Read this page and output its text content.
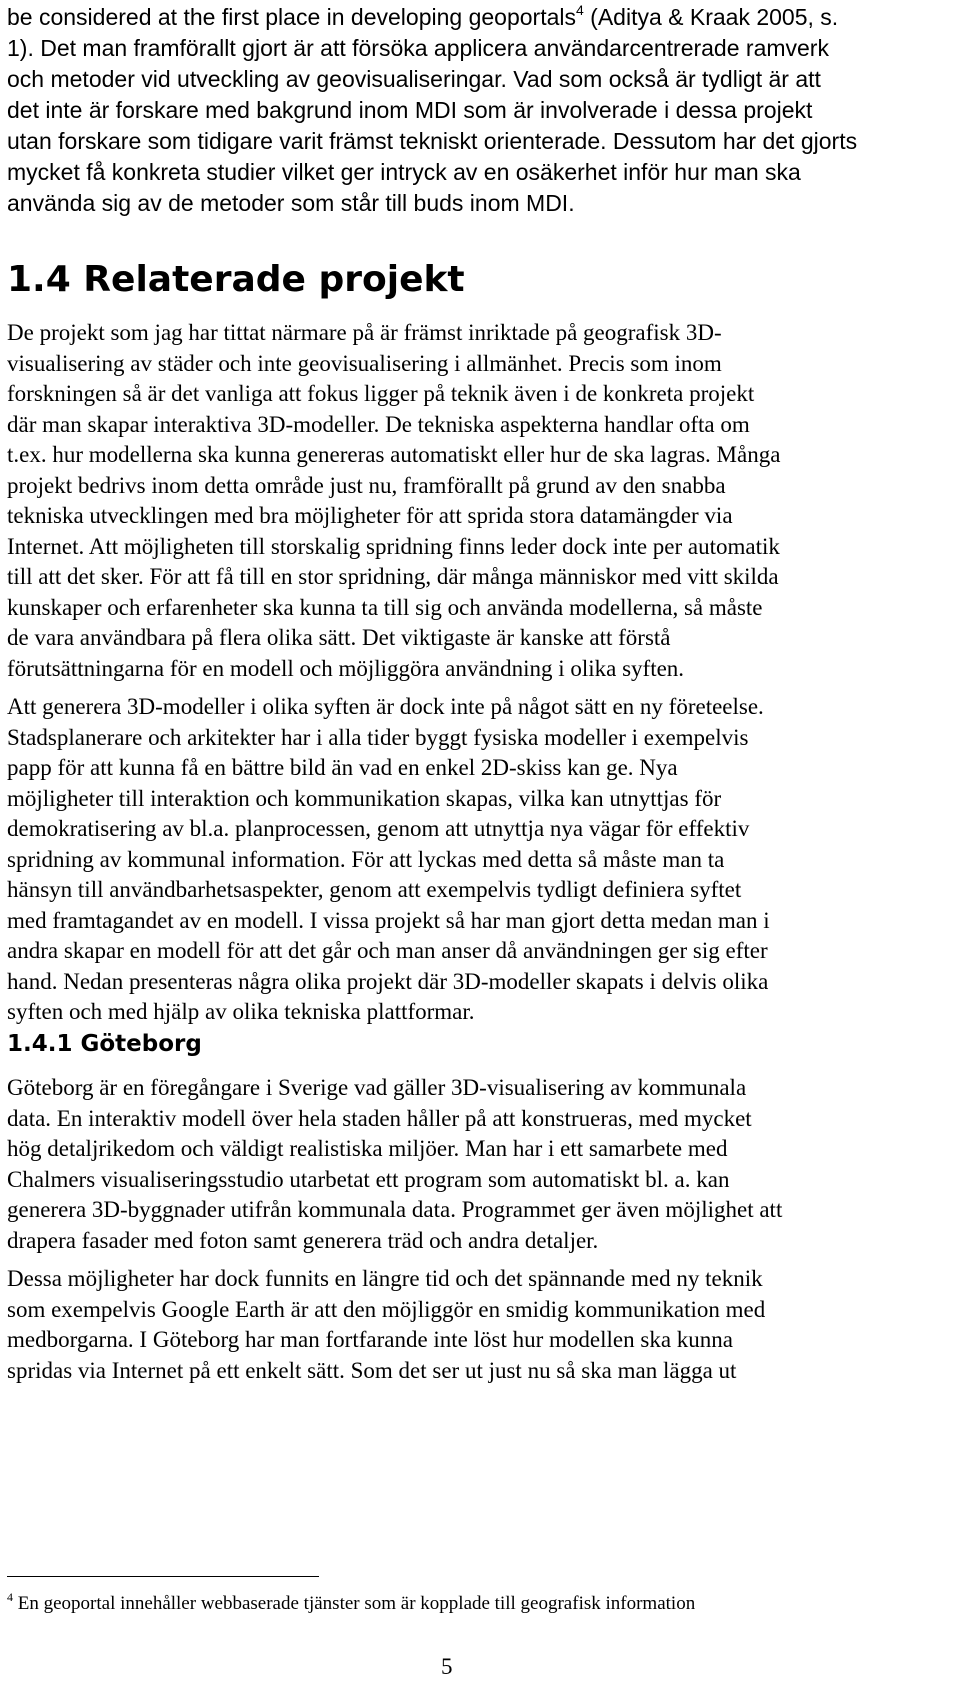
be considered at the first place in developing geoportals$^4$ (Aditya & Kraak 2005, s.
1). Det man framförallt gjort är att försöka applicera användarcentrerade ramverk
och metoder vid utveckling av geovisualiseringar. Vad som också är tydligt är att
det inte är forskare med bakgrund inom MDI som är involverade i dessa projekt
utan forskare som tidigare varit främst tekniskt orienterade. Dessutom har det gjorts
mycket få konkreta studier vilket ger intryck av en osäkerhet inför hur man ska
använda sig av de metoder som står till buds inom MDI.
1.4 Relaterade projekt
De projekt som jag har tittat närmare på är främst inriktade på geografisk 3D-
visualisering av städer och inte geovisualisering i allmänhet. Precis som inom
forskningen så är det vanliga att fokus ligger på teknik även i de konkreta projekt
där man skapar interaktiva 3D-modeller. De tekniska aspekterna handlar ofta om
t.ex. hur modellerna ska kunna genereras automatiskt eller hur de ska lagras. Många
projekt bedrivs inom detta område just nu, framförallt på grund av den snabba
tekniska utvecklingen med bra möjligheter för att sprida stora datamängder via
Internet. Att möjligheten till storskalig spridning finns leder dock inte per automatik
till att det sker. För att få till en stor spridning, där många människor med vitt skilda
kunskaper och erfarenheter ska kunna ta till sig och använda modellerna, så måste
de vara användbara på flera olika sätt. Det viktigaste är kanske att förstå
förutsättningarna för en modell och möjliggöra användning i olika syften.
Att generera 3D-modeller i olika syften är dock inte på något sätt en ny företeelse.
Stadsplanerare och arkitekter har i alla tider byggt fysiska modeller i exempelvis
papp för att kunna få en bättre bild än vad en enkel 2D-skiss kan ge. Nya
möjligheter till interaktion och kommunikation skapas, vilka kan utnyttjas för
demokratisering av bl.a. planprocessen, genom att utnyttja nya vägar för effektiv
spridning av kommunal information. För att lyckas med detta så måste man ta
hänsyn till användbarhetsaspekter, genom att exempelvis tydligt definiera syftet
med framtagandet av en modell. I vissa projekt så har man gjort detta medan man i
andra skapar en modell för att det går och man anser då användningen ger sig efter
hand. Nedan presenteras några olika projekt där 3D-modeller skapats i delvis olika
syften och med hjälp av olika tekniska plattformar.
1.4.1 Göteborg
Göteborg är en föregångare i Sverige vad gäller 3D-visualisering av kommunala
data. En interaktiv modell över hela staden håller på att konstrueras, med mycket
hög detaljrikedom och väldigt realistiska miljöer. Man har i ett samarbete med
Chalmers visualiseringsstudio utarbetat ett program som automatiskt bl. a. kan
generera 3D-byggnader utifrån kommunala data. Programmet ger även möjlighet att
drapera fasader med foton samt generera träd och andra detaljer.
Dessa möjligheter har dock funnits en längre tid och det spännande med ny teknik
som exempelvis Google Earth är att den möjliggör en smidig kommunikation med
medborgarna. I Göteborg har man fortfarande inte löst hur modellen ska kunna
spridas via Internet på ett enkelt sätt. Som det ser ut just nu så ska man lägga ut

$^4$ En geoportal innehåller webbaserade tjänster som är kopplade till geografisk information

5
